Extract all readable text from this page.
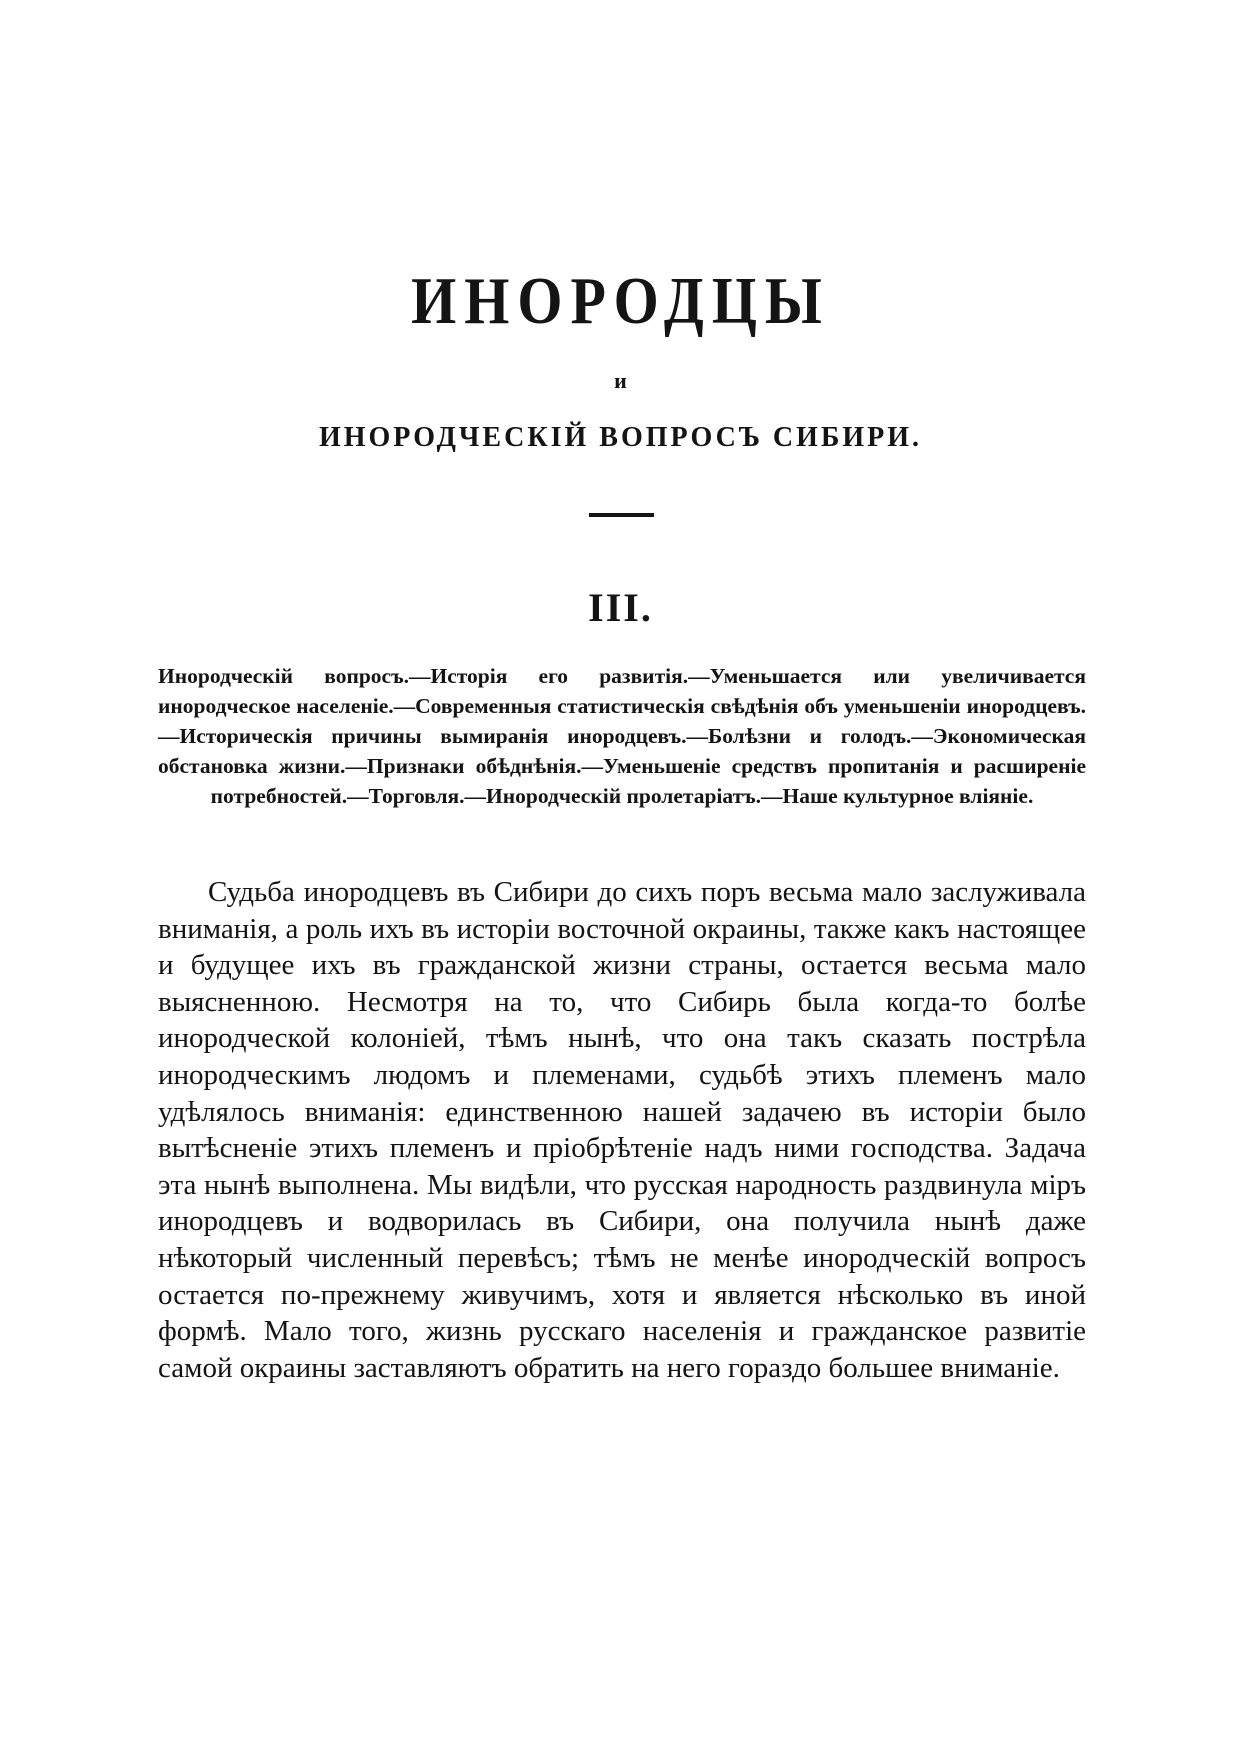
ИНОРОДЦЫ
и
ИНОРОДЧЕСКІЙ ВОПРОСЪ СИБИРИ.
III.
Инородческій вопросъ.—Исторія его развитія.—Уменьшается или увеличивается инородческое населеніе.—Современныя статистическія свѣдѣнія объ уменьшеніи инородцевъ.—Историческія причины вымиранія инородцевъ.—Болѣзни и голодъ.—Экономическая обстановка жизни.—Признаки обѣднѣнія.—Уменьшеніе средствъ пропитанія и расширеніе потребностей.—Торговля.—Инородческій пролетаріатъ.—Наше культурное вліяніе.
Судьба инородцевъ въ Сибири до сихъ поръ весьма мало заслуживала вниманія, а роль ихъ въ исторіи восточной окраины, также какъ настоящее и будущее ихъ въ гражданской жизни страны, остается весьма мало выясненною. Несмотря на то, что Сибирь была когда-то болѣе инородческой колоніей, тѣмъ нынѣ, что она такъ сказать пострѣла инородческимъ людомъ и племенами, судьбѣ этихъ племенъ мало удѣлялось вниманія: единственною нашей задачею въ исторіи было вытѣсненіе этихъ племенъ и пріобрѣтеніе надъ ними господства. Задача эта нынѣ выполнена. Мы видѣли, что русская народность раздвинула міръ инородцевъ и водворилась въ Сибири, она получила нынѣ даже нѣкоторый численный перевѣсъ; тѣмъ не менѣе инородческій вопросъ остается по-прежнему живучимъ, хотя и является нѣсколько въ иной формѣ. Мало того, жизнь русскаго населенія и гражданское развитіе самой окраины заставляютъ обратить на него гораздо большее вниманіе.
